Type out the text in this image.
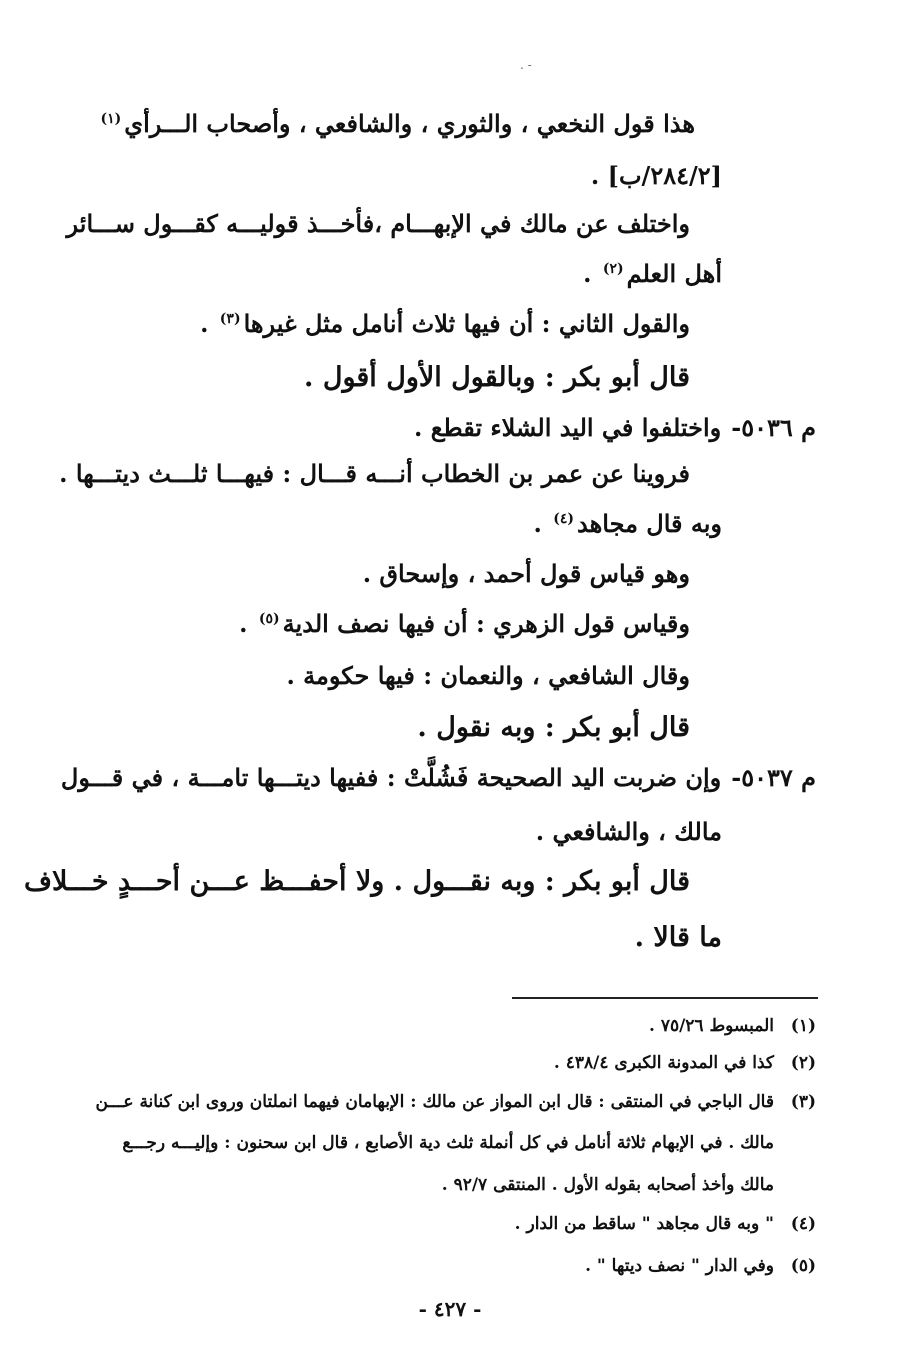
- .
هذا قول النخعي ، والثوري ، والشافعي ، وأصحاب الـــرأي$^{(١)}$
[٢٨٤/٢/ب] .
واختلف عن مالك في الإبهـــام ،فأخـــذ قوليـــه كقـــول ســـائر
أهل العلم$^{(٢)}$ .
والقول الثاني : أن فيها ثلاث أنامل مثل غيرها$^{(٣)}$ .
قال أبو بكر : وبالقول الأول أقول .
م ٥٠٣٦-واختلفوا في اليد الشلاء تقطع .
فروينا عن عمر بن الخطاب أنـــه قـــال : فيهـــا ثلـــث ديتـــها .
وبه قال مجاهد$^{(٤)}$ .
وهو قياس قول أحمد ، وإسحاق .
وقياس قول الزهري : أن فيها نصف الدية$^{(٥)}$ .
وقال الشافعي ، والنعمان : فيها حكومة .
قال أبو بكر : وبه نقول .
م ٥٠٣٧-وإن ضربت اليد الصحيحة فَشُلَّتْ : ففيها ديتـــها تامـــة ، في قـــول
مالك ، والشافعي .
قال أبو بكر : وبه نقـــول . ولا أحفـــظ عـــن أحـــدٍ خـــلاف
ما قالا .
(١)المبسوط ٧٥/٢٦ .
(٢)كذا في المدونة الكبرى ٤٣٨/٤ .
(٣)قال الباجي في المنتقى : قال ابن المواز عن مالك : الإبهامان فيهما انملتان وروى ابن كنانة عـــن
مالك . في الإبهام ثلاثة أنامل في كل أنملة ثلث دية الأصابع ، قال ابن سحنون : وإليـــه رجـــع
مالك وأخذ أصحابه بقوله الأول . المنتقى ٩٢/٧ .
(٤)" وبه قال مجاهد " ساقط من الدار .
(٥)وفي الدار " نصف ديتها " .
- ٤٢٧ -
